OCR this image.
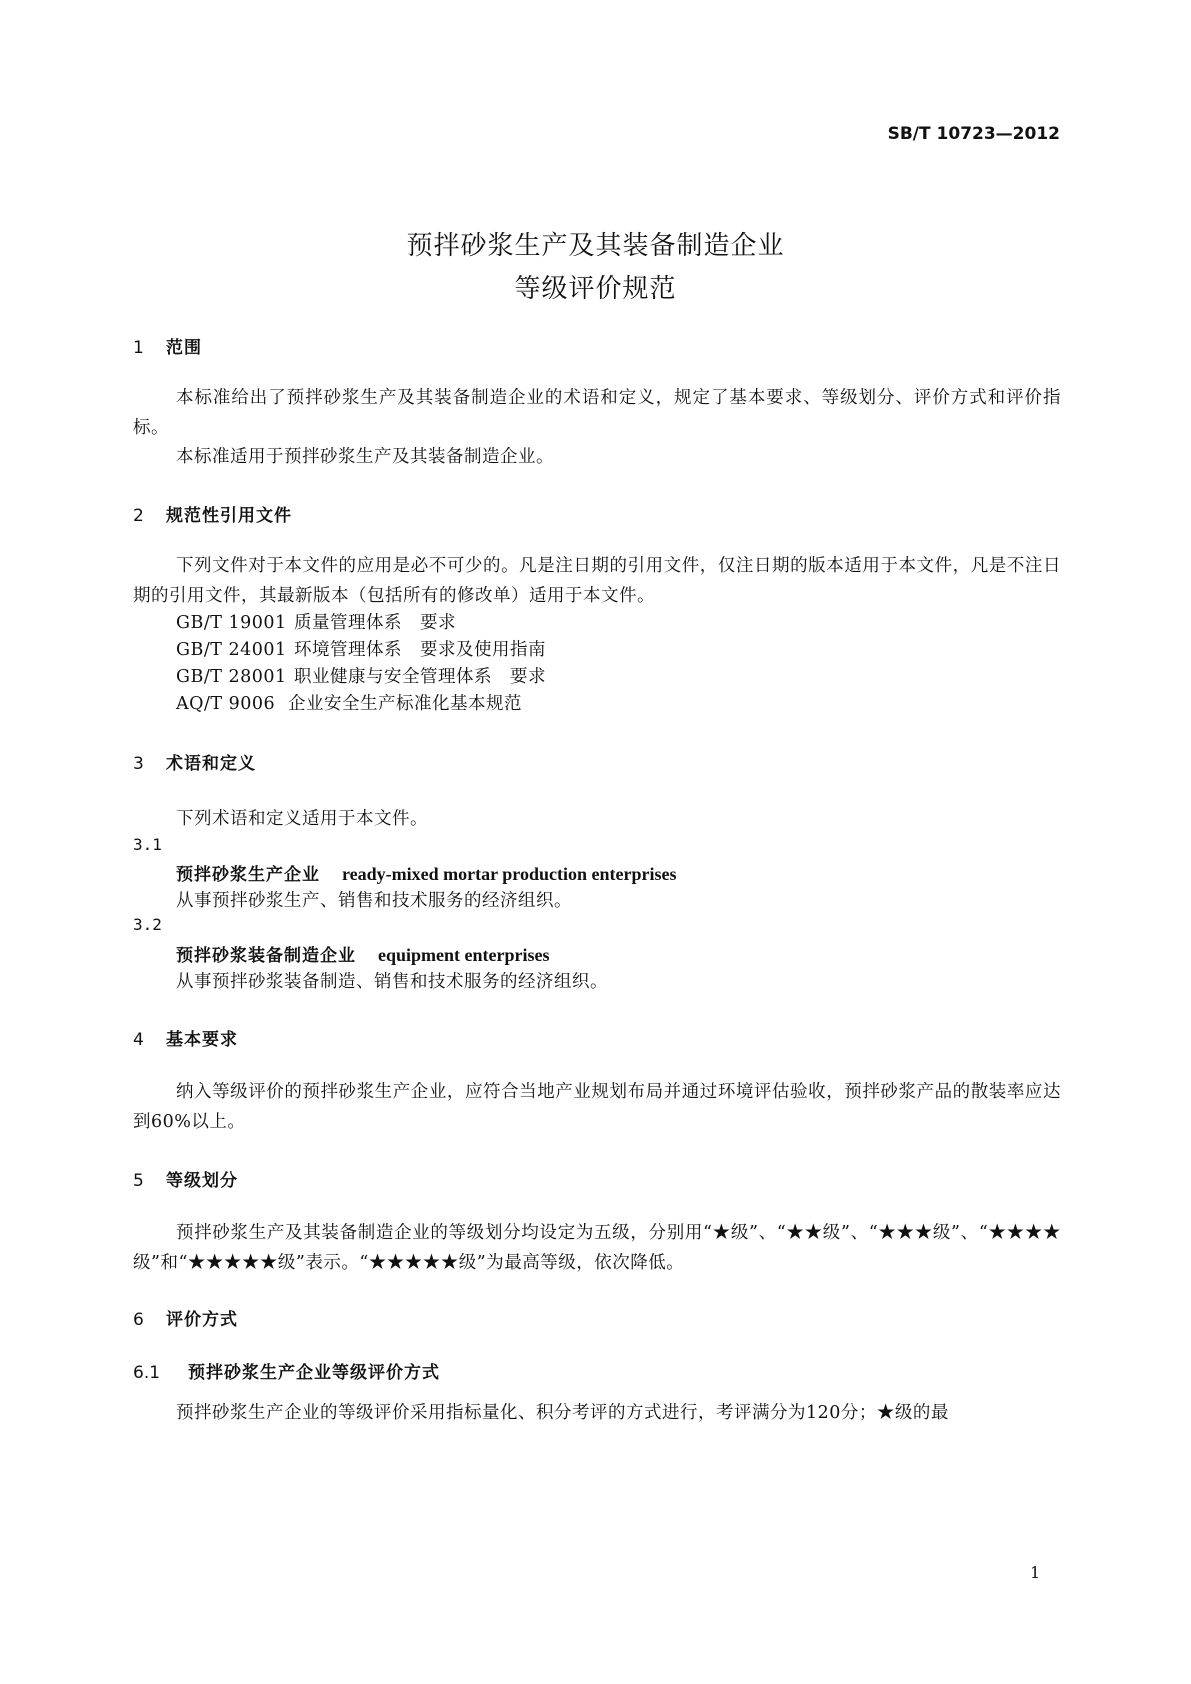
SB/T 10723—2012
预拌砂浆生产及其装备制造企业
等级评价规范
1 范围
本标准给出了预拌砂浆生产及其装备制造企业的术语和定义，规定了基本要求、等级划分、评价方式和评价指标。
本标准适用于预拌砂浆生产及其装备制造企业。
2 规范性引用文件
下列文件对于本文件的应用是必不可少的。凡是注日期的引用文件，仅注日期的版本适用于本文件，凡是不注日期的引用文件，其最新版本（包括所有的修改单）适用于本文件。
GB/T 19001 质量管理体系　要求
GB/T 24001 环境管理体系　要求及使用指南
GB/T 28001 职业健康与安全管理体系　要求
AQ/T 9006 企业安全生产标准化基本规范
3 术语和定义
下列术语和定义适用于本文件。
3.1
预拌砂浆生产企业 ready-mixed mortar production enterprises
从事预拌砂浆生产、销售和技术服务的经济组织。
3.2
预拌砂浆装备制造企业 equipment enterprises
从事预拌砂浆装备制造、销售和技术服务的经济组织。
4 基本要求
纳入等级评价的预拌砂浆生产企业，应符合当地产业规划布局并通过环境评估验收，预拌砂浆产品的散装率应达到60%以上。
5 等级划分
预拌砂浆生产及其装备制造企业的等级划分均设定为五级，分别用“★级”、“★★级”、“★★★级”、“★★★★级”和“★★★★★级”表示。“★★★★★级”为最高等级，依次降低。
6 评价方式
6.1 预拌砂浆生产企业等级评价方式
预拌砂浆生产企业的等级评价采用指标量化、积分考评的方式进行，考评满分为120分；★级的最
1
